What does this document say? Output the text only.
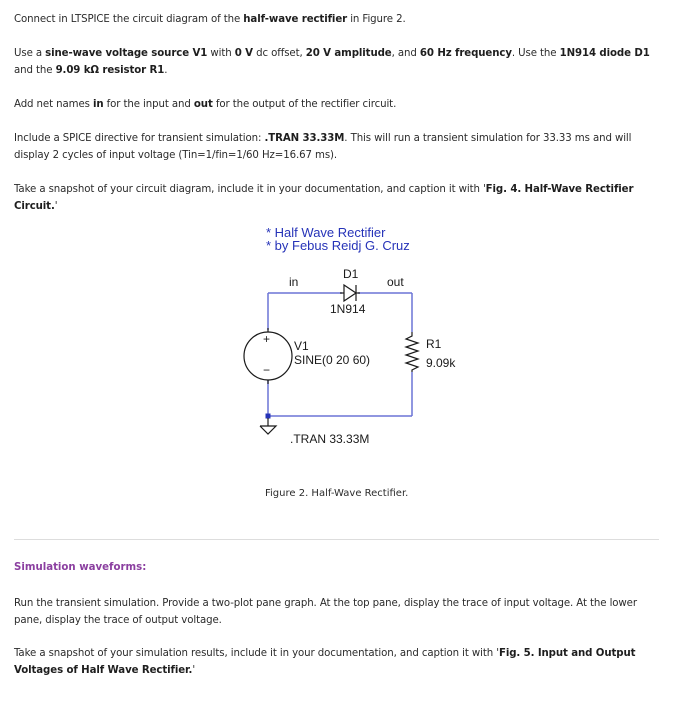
Connect in LTSPICE the circuit diagram of the half-wave rectifier in Figure 2.
Use a sine-wave voltage source V1 with 0 V dc offset, 20 V amplitude, and 60 Hz frequency. Use the 1N914 diode D1 and the 9.09 kΩ resistor R1.
Add net names in for the input and out for the output of the rectifier circuit.
Include a SPICE directive for transient simulation: .TRAN 33.33M. This will run a transient simulation for 33.33 ms and will display 2 cycles of input voltage (Tin=1/fin=1/60 Hz=16.67 ms).
Take a snapshot of your circuit diagram, include it in your documentation, and caption it with 'Fig. 4. Half-Wave Rectifier Circuit.'
* Half Wave Rectifier
* by Febus Reidj G. Cruz
D1
1N914
in	out
+
−
V1
SINE(0 20 60)
R1
9.09k
.TRAN 33.33M
Figure 2. Half-Wave Rectifier.
Simulation waveforms:
Run the transient simulation. Provide a two-plot pane graph. At the top pane, display the trace of input voltage. At the lower pane, display the trace of output voltage.
Take a snapshot of your simulation results, include it in your documentation, and caption it with 'Fig. 5. Input and Output Voltages of Half Wave Rectifier.'
